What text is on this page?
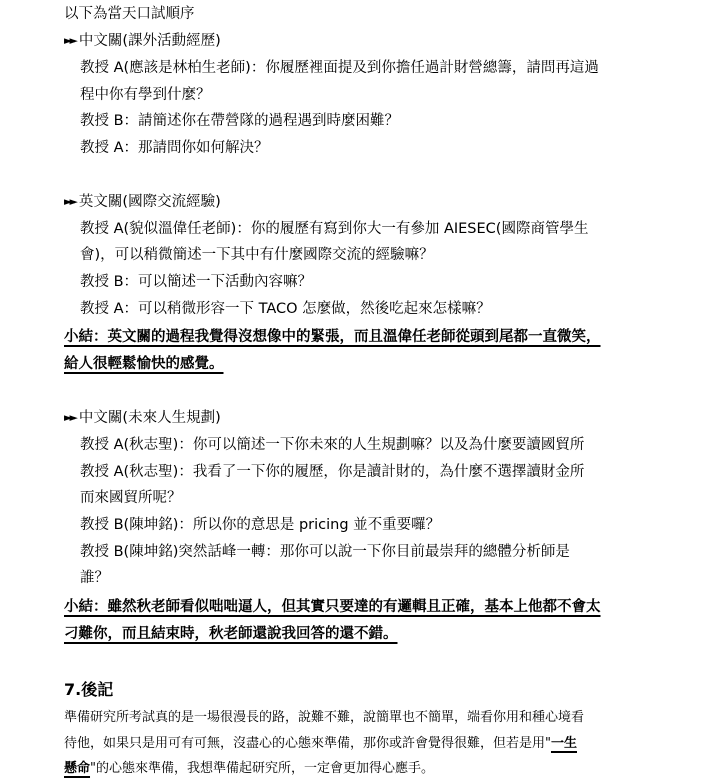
以下為當天口試順序
►► 中文關(課外活動經歷)
教授 A(應該是林柏生老師)：你履歷裡面提及到你擔任過計財營總籌，請問再這過
程中你有學到什麼？
教授 B：請簡述你在帶營隊的過程遇到時麼困難？
教授 A：那請問你如何解決？
►► 英文關(國際交流經驗)
教授 A(貌似溫偉任老師)：你的履歷有寫到你大一有參加 AIESEC(國際商管學生
會)，可以稍微簡述一下其中有什麼國際交流的經驗嘛？
教授 B：可以簡述一下活動內容嘛？
教授 A：可以稍微形容一下 TACO 怎麼做，然後吃起來怎樣嘛？
小結：英文關的過程我覺得沒想像中的緊張，而且溫偉任老師從頭到尾都一直微笑，
給人很輕鬆愉快的感覺。
►► 中文關(未來人生規劃)
教授 A(秋志聖)：你可以簡述一下你未來的人生規劃嘛？以及為什麼要讀國貿所
教授 A(秋志聖)：我看了一下你的履歷，你是讀計財的，為什麼不選擇讀財金所
而來國貿所呢？
教授 B(陳坤銘)：所以你的意思是 pricing 並不重要囉？
教授 B(陳坤銘)突然話峰一轉：那你可以說一下你目前最崇拜的總體分析師是
誰？
小結：雖然秋老師看似咄咄逼人，但其實只要達的有邏輯且正確，基本上他都不會太
刁難你，而且結束時，秋老師還說我回答的還不錯。
7.後記
準備研究所考試真的是一場很漫長的路，說難不難，說簡單也不簡單，端看你用和種心境看
待他，如果只是用可有可無，沒盡心的心態來準備，那你或許會覺得很難，但若是用"一生
懸命"的心態來準備，我想準備起研究所，一定會更加得心應手。
